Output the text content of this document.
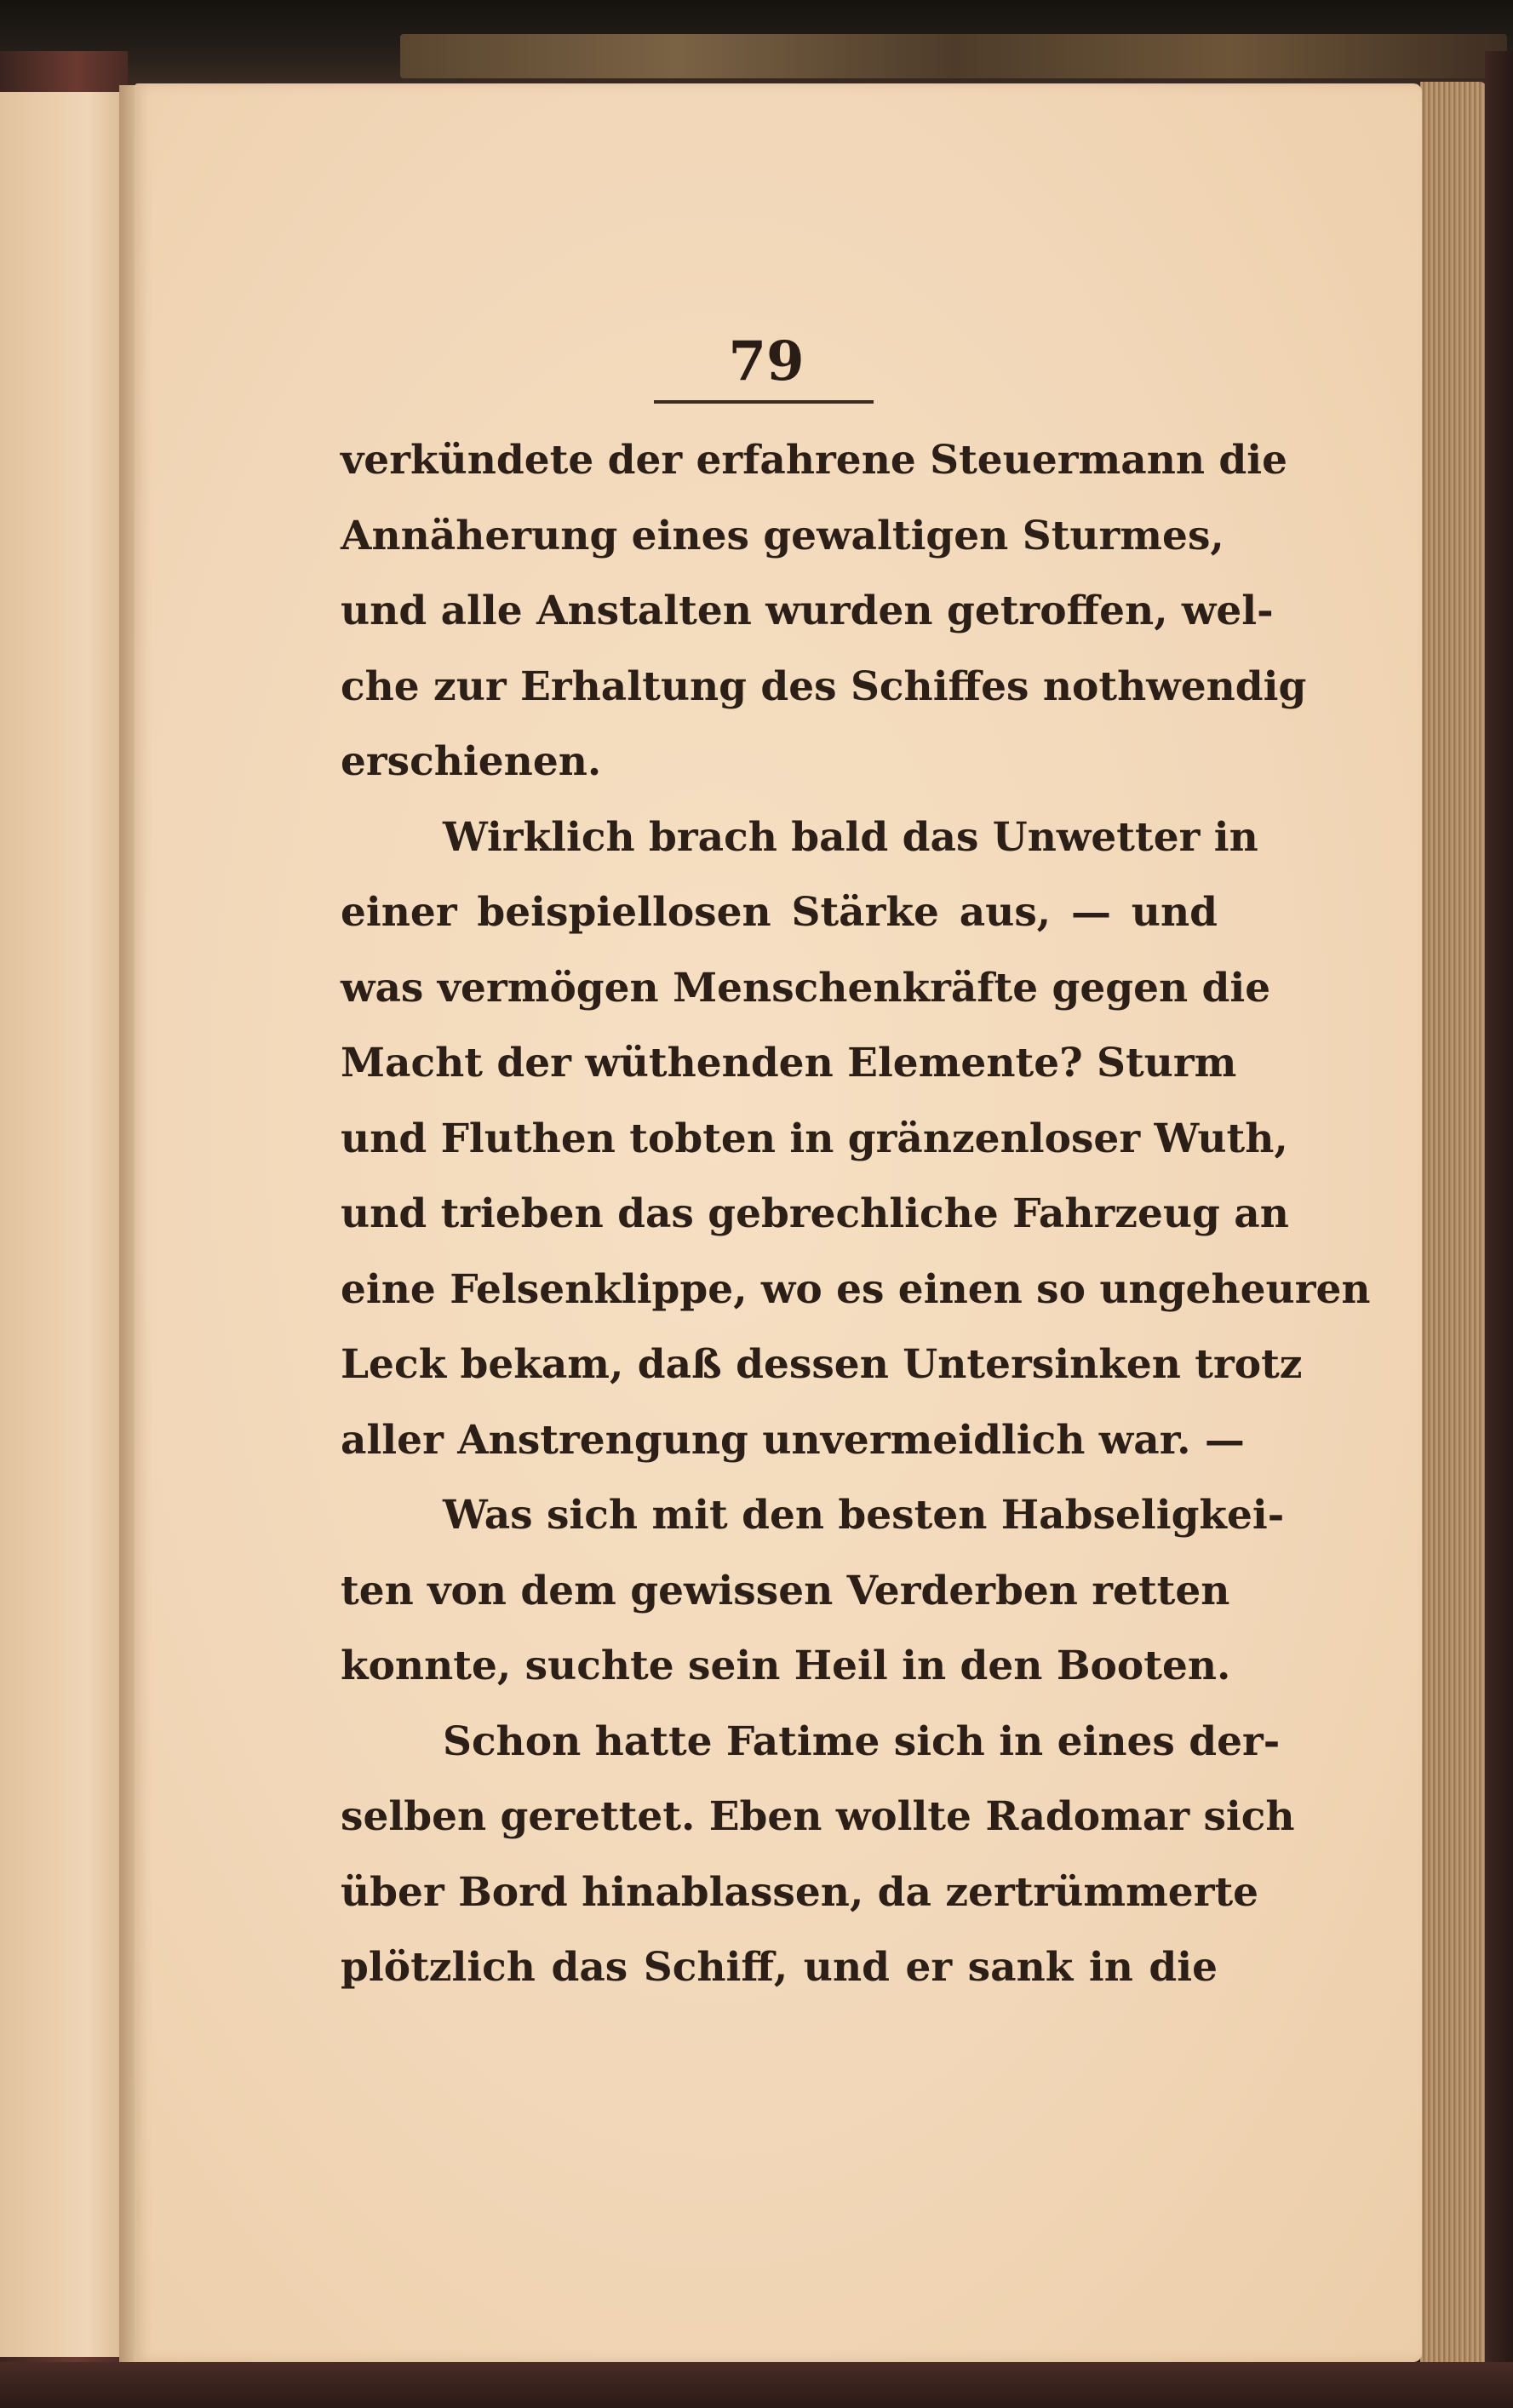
79
verkündete der erfahrene Steuermann die
Annäherung eines gewaltigen Sturmes,
und alle Anstalten wurden getroffen, wel-
che zur Erhaltung des Schiffes nothwendig
erschienen.
Wirklich brach bald das Unwetter in
einer beispiellosen Stärke aus, — und
was vermögen Menschenkräfte gegen die
Macht der wüthenden Elemente? Sturm
und Fluthen tobten in gränzenloser Wuth,
und trieben das gebrechliche Fahrzeug an
eine Felsenklippe, wo es einen so ungeheuren
Leck bekam, daß dessen Untersinken trotz
aller Anstrengung unvermeidlich war. —
Was sich mit den besten Habseligkei-
ten von dem gewissen Verderben retten
konnte, suchte sein Heil in den Booten.
Schon hatte Fatime sich in eines der-
selben gerettet. Eben wollte Radomar sich
über Bord hinablassen, da zertrümmerte
plötzlich das Schiff, und er sank in die
